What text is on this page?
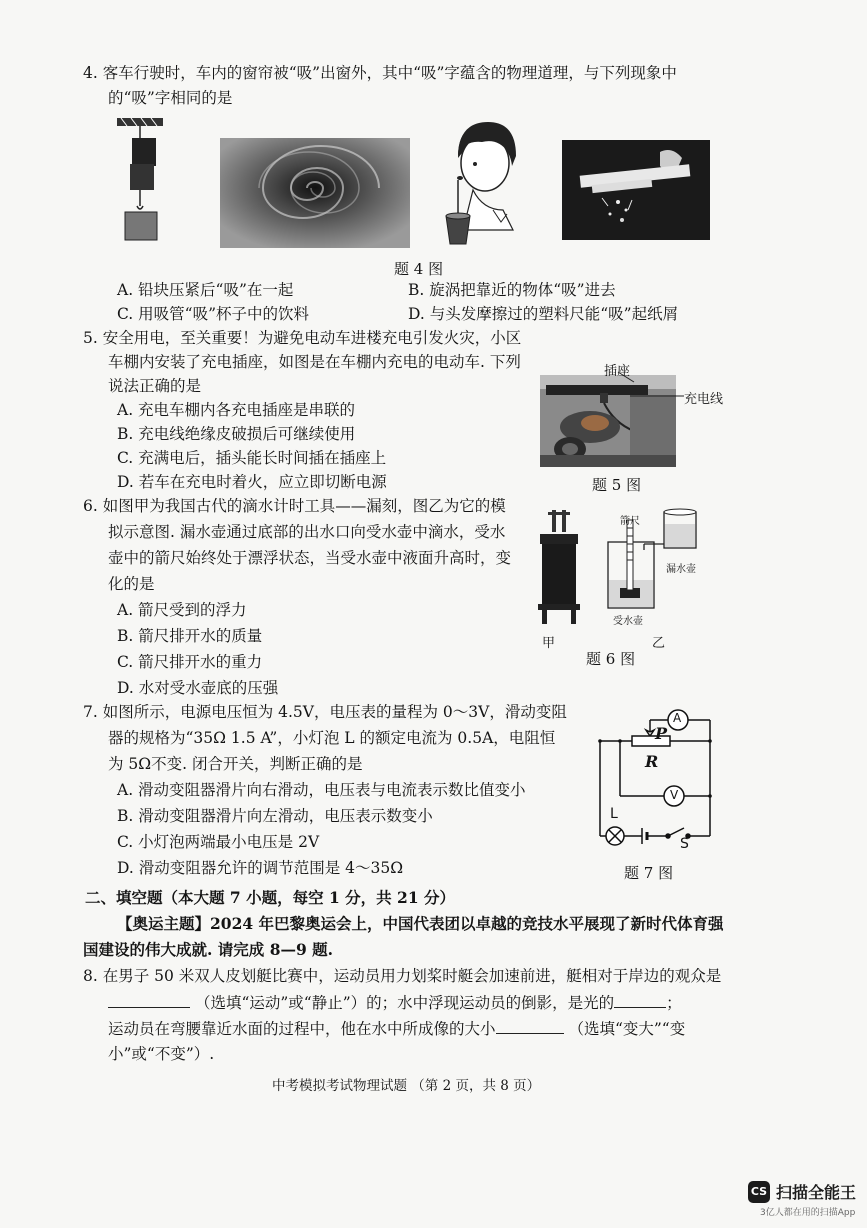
4. 客车行驶时，车内的窗帘被“吸”出窗外，其中“吸”字蕴含的物理道理，与下列现象中
的“吸”字相同的是
题 4 图
A. 铅块压紧后“吸”在一起	B. 旋涡把靠近的物体“吸”进去
C. 用吸管“吸”杯子中的饮料	D. 与头发摩擦过的塑料尺能“吸”起纸屑
5. 安全用电，至关重要！为避免电动车进楼充电引发火灾，小区
车棚内安装了充电插座，如图是在车棚内充电的电动车. 下列
说法正确的是
A. 充电车棚内各充电插座是串联的
B. 充电线绝缘皮破损后可继续使用
C. 充满电后，插头能长时间插在插座上
D. 若车在充电时着火，应立即切断电源
插座
充电线
题 5 图
6. 如图甲为我国古代的滴水计时工具——漏刻，图乙为它的模
拟示意图. 漏水壶通过底部的出水口向受水壶中滴水，受水
壶中的箭尺始终处于漂浮状态，当受水壶中液面升高时，变
化的是
A. 箭尺受到的浮力
B. 箭尺排开水的质量
C. 箭尺排开水的重力
D. 水对受水壶底的压强
甲
箭尺
漏水壶
受水壶
乙
题 6 图
7. 如图所示，电源电压恒为 4.5V，电压表的量程为 0～3V，滑动变阻
器的规格为“35Ω 1.5 A”，小灯泡 L 的额定电流为 0.5A，电阻恒
为 5Ω不变. 闭合开关，判断正确的是
A. 滑动变阻器滑片向右滑动，电压表与电流表示数比值变小
B. 滑动变阻器滑片向左滑动，电压表示数变小
C. 小灯泡两端最小电压是 2V
D. 滑动变阻器允许的调节范围是 4～35Ω
A
P
R
V
L
S
题 7 图
二、填空题（本大题 7 小题，每空 1 分，共 21 分）
【奥运主题】2024 年巴黎奥运会上，中国代表团以卓越的竞技水平展现了新时代体育强
国建设的伟大成就. 请完成 8—9 题.
8. 在男子 50 米双人皮划艇比赛中，运动员用力划桨时艇会加速前进，艇相对于岸边的观众是
（选填“运动”或“静止”）的；水中浮现运动员的倒影，是光的	；
运动员在弯腰靠近水面的过程中，他在水中所成像的大小	（选填“变大”“变
小”或“不变”）.
中考模拟考试物理试题 （第 2 页，共 8 页）
CS 扫描全能王
3亿人都在用的扫描App
